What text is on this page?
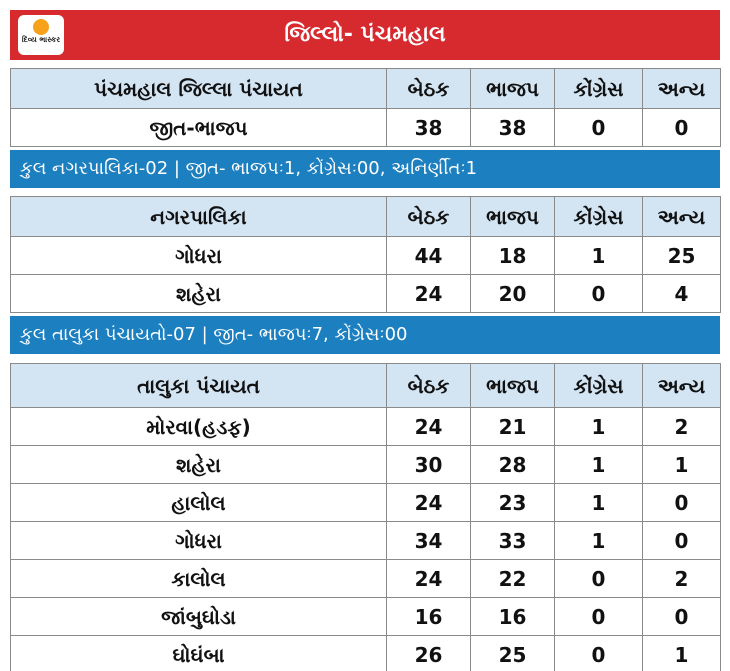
દિવ્ય ભાસ્કર	જિલ્લો- પંચમહાલ
પંચમહાલ જિલ્લા પંચાયત	બેઠક	ભાજપ	કોંગ્રેસ	અન્ય
જીત-ભાજપ	38	38	0	0
કુલ નગરપાલિકા-02 | જીત- ભાજપઃ1, કોંગ્રેસઃ00, અનિર્ણીતઃ1
નગરપાલિકા	બેઠક	ભાજપ	કોંગ્રેસ	અન્ય
ગોધરા	44	18	1	25
શહેરા	24	20	0	4
કુલ તાલુકા પંચાયતો-07 | જીત- ભાજપઃ7, કોંગ્રેસઃ00
તાલુકા પંચાયત	બેઠક	ભાજપ	કોંગ્રેસ	અન્ય
મોરવા(હડફ)	24	21	1	2
શહેરા	30	28	1	1
હાલોલ	24	23	1	0
ગોધરા	34	33	1	0
કાલોલ	24	22	0	2
જાંબુઘોડા	16	16	0	0
ઘોઘંબા	26	25	0	1
